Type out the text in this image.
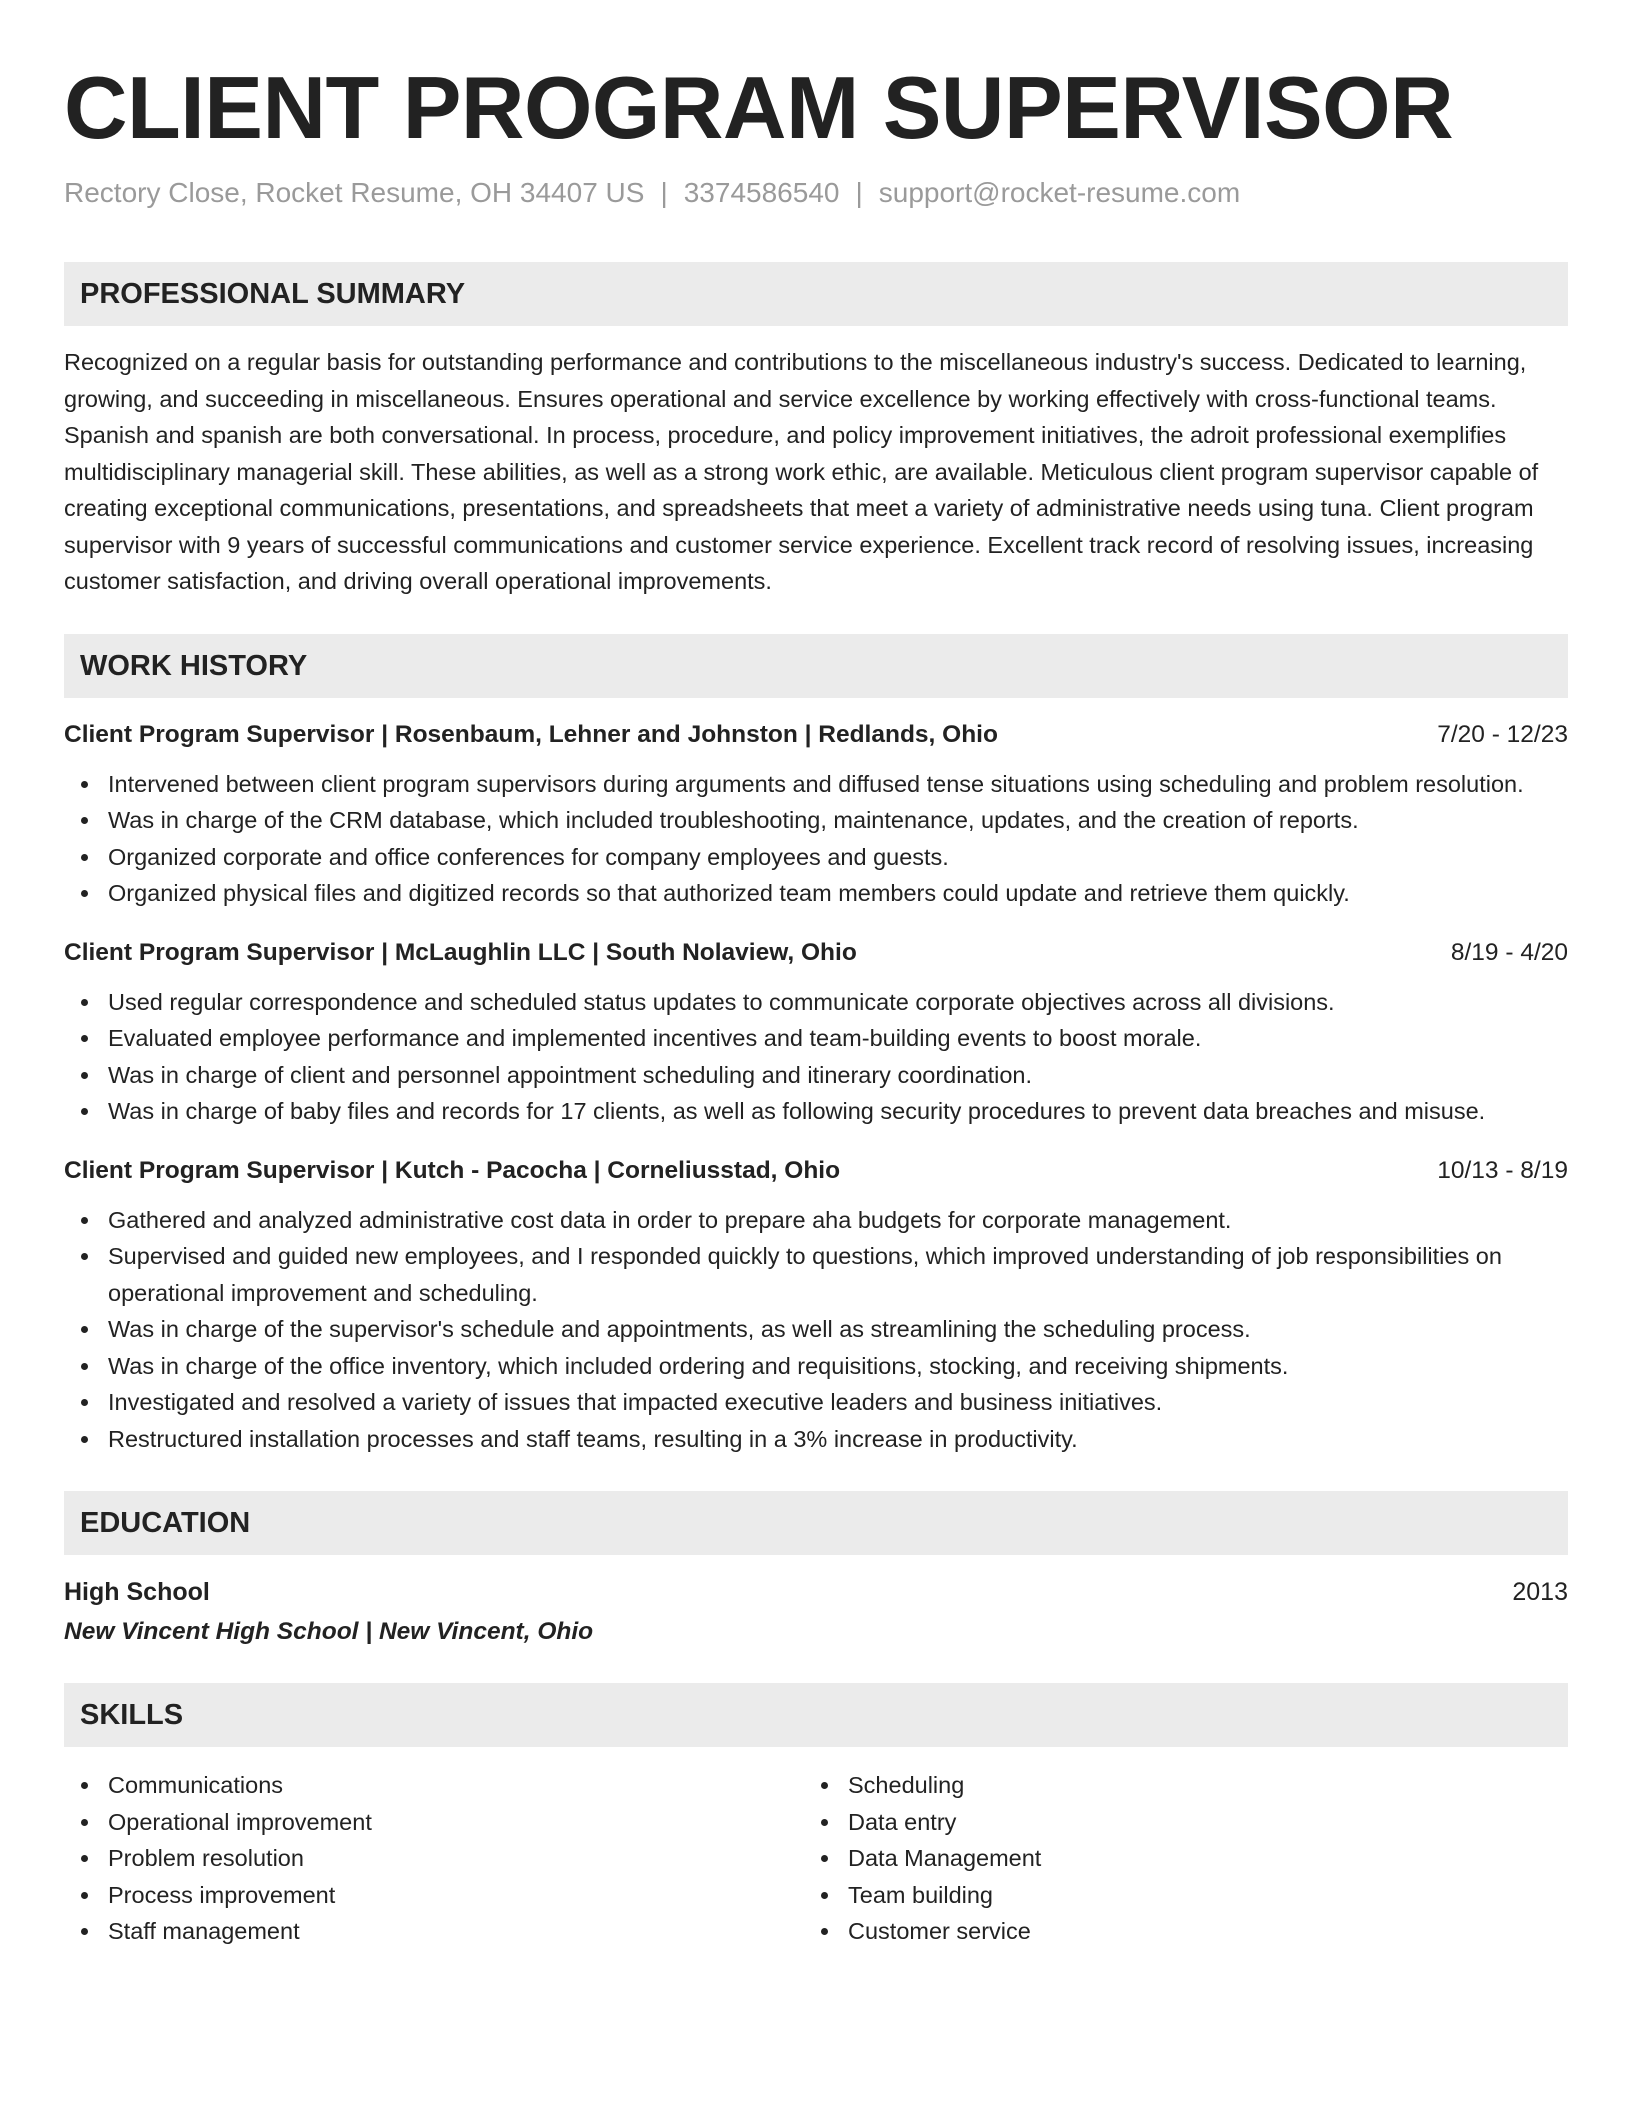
CLIENT PROGRAM SUPERVISOR
Rectory Close, Rocket Resume, OH 34407 US | 3374586540 | support@rocket-resume.com
PROFESSIONAL SUMMARY
Recognized on a regular basis for outstanding performance and contributions to the miscellaneous industry's success. Dedicated to learning, growing, and succeeding in miscellaneous. Ensures operational and service excellence by working effectively with cross-functional teams. Spanish and spanish are both conversational. In process, procedure, and policy improvement initiatives, the adroit professional exemplifies multidisciplinary managerial skill. These abilities, as well as a strong work ethic, are available. Meticulous client program supervisor capable of creating exceptional communications, presentations, and spreadsheets that meet a variety of administrative needs using tuna. Client program supervisor with 9 years of successful communications and customer service experience. Excellent track record of resolving issues, increasing customer satisfaction, and driving overall operational improvements.
WORK HISTORY
Client Program Supervisor | Rosenbaum, Lehner and Johnston | Redlands, Ohio	7/20 - 12/23
Intervened between client program supervisors during arguments and diffused tense situations using scheduling and problem resolution.
Was in charge of the CRM database, which included troubleshooting, maintenance, updates, and the creation of reports.
Organized corporate and office conferences for company employees and guests.
Organized physical files and digitized records so that authorized team members could update and retrieve them quickly.
Client Program Supervisor | McLaughlin LLC | South Nolaview, Ohio	8/19 - 4/20
Used regular correspondence and scheduled status updates to communicate corporate objectives across all divisions.
Evaluated employee performance and implemented incentives and team-building events to boost morale.
Was in charge of client and personnel appointment scheduling and itinerary coordination.
Was in charge of baby files and records for 17 clients, as well as following security procedures to prevent data breaches and misuse.
Client Program Supervisor | Kutch - Pacocha | Corneliusstad, Ohio	10/13 - 8/19
Gathered and analyzed administrative cost data in order to prepare aha budgets for corporate management.
Supervised and guided new employees, and I responded quickly to questions, which improved understanding of job responsibilities on operational improvement and scheduling.
Was in charge of the supervisor's schedule and appointments, as well as streamlining the scheduling process.
Was in charge of the office inventory, which included ordering and requisitions, stocking, and receiving shipments.
Investigated and resolved a variety of issues that impacted executive leaders and business initiatives.
Restructured installation processes and staff teams, resulting in a 3% increase in productivity.
EDUCATION
High School	2013
New Vincent High School | New Vincent, Ohio
SKILLS
Communications
Operational improvement
Problem resolution
Process improvement
Staff management
Scheduling
Data entry
Data Management
Team building
Customer service
